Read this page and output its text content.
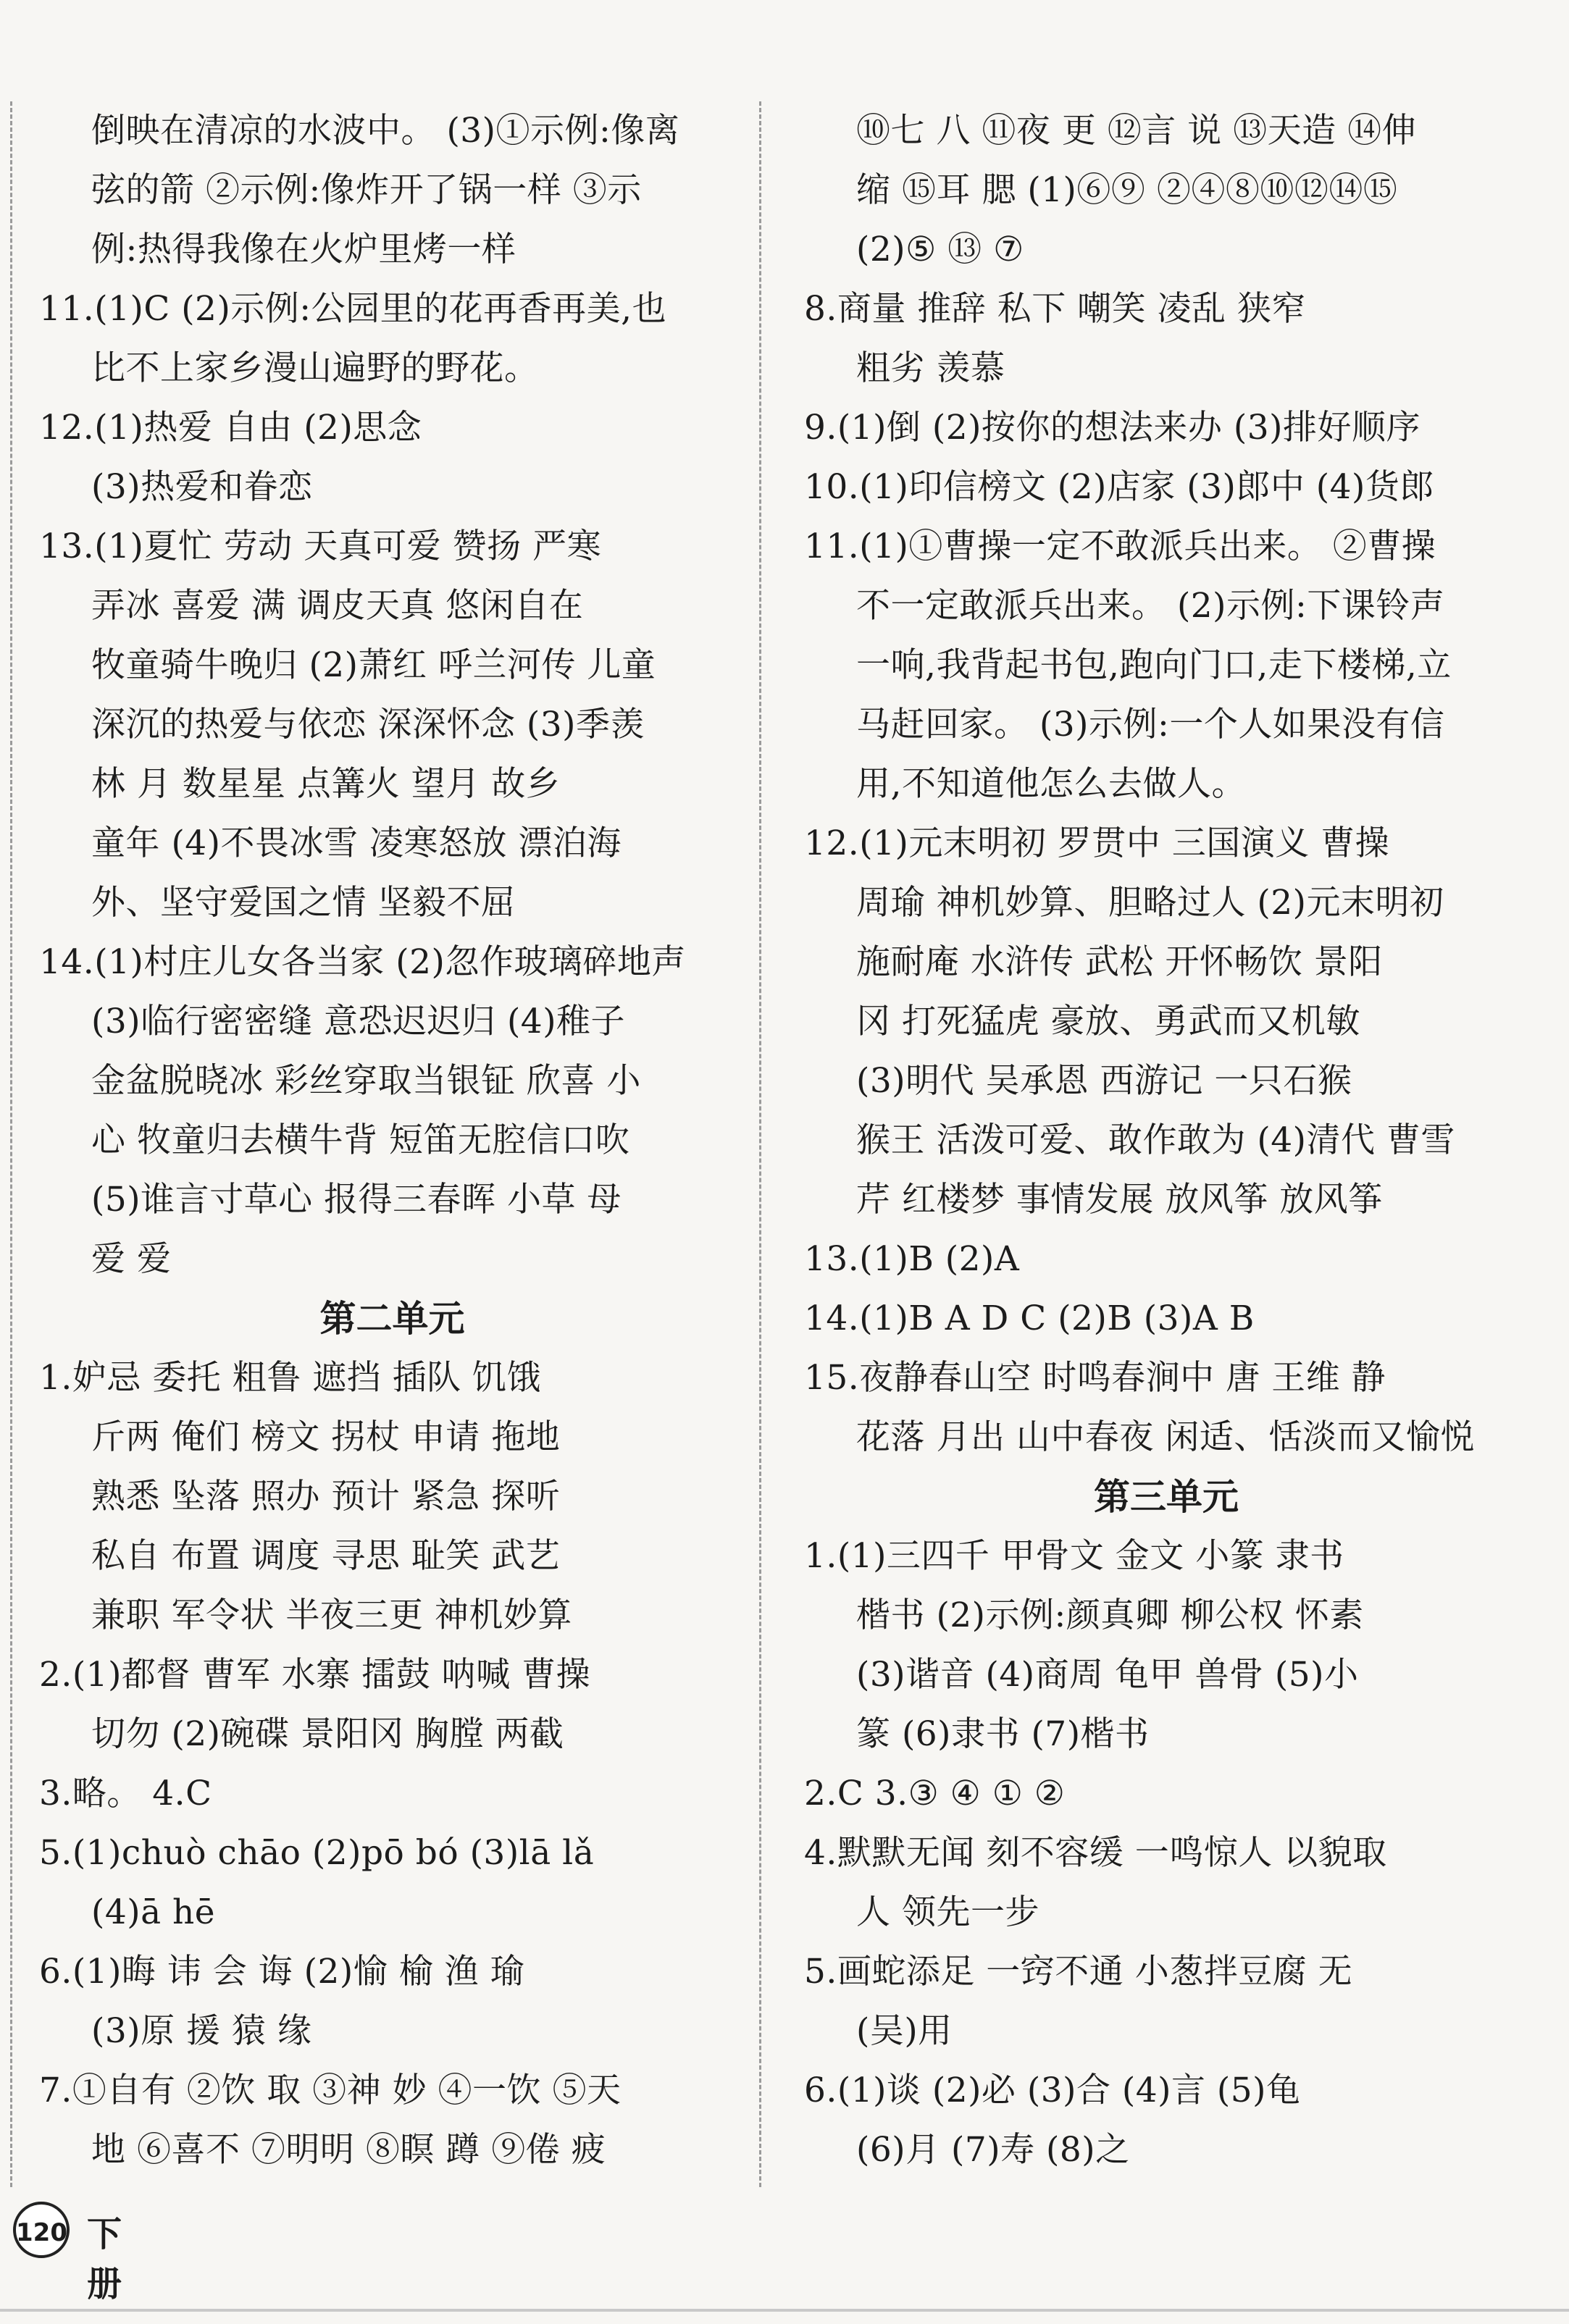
倒映在清凉的水波中。 (3)①示例:像离
弦的箭 ②示例:像炸开了锅一样 ③示
例:热得我像在火炉里烤一样
11.(1)C (2)示例:公园里的花再香再美,也
比不上家乡漫山遍野的野花。
12.(1)热爱 自由 (2)思念
(3)热爱和眷恋
13.(1)夏忙 劳动 天真可爱 赞扬 严寒
弄冰 喜爱 满 调皮天真 悠闲自在
牧童骑牛晚归 (2)萧红 呼兰河传 儿童
深沉的热爱与依恋 深深怀念 (3)季羡
林 月 数星星 点篝火 望月 故乡
童年 (4)不畏冰雪 凌寒怒放 漂泊海
外、坚守爱国之情 坚毅不屈
14.(1)村庄儿女各当家 (2)忽作玻璃碎地声
(3)临行密密缝 意恐迟迟归 (4)稚子
金盆脱晓冰 彩丝穿取当银钲 欣喜 小
心 牧童归去横牛背 短笛无腔信口吹
(5)谁言寸草心 报得三春晖 小草 母
爱 爱
第二单元
1.妒忌 委托 粗鲁 遮挡 插队 饥饿
斤两 俺们 榜文 拐杖 申请 拖地
熟悉 坠落 照办 预计 紧急 探听
私自 布置 调度 寻思 耻笑 武艺
兼职 军令状 半夜三更 神机妙算
2.(1)都督 曹军 水寨 擂鼓 呐喊 曹操
切勿 (2)碗碟 景阳冈 胸膛 两截
3.略。 4.C
5.(1)chuò chāo (2)pō bó (3)lā lǎ
(4)ā hē
6.(1)晦 讳 会 诲 (2)愉 榆 渔 瑜
(3)原 援 猿 缘
7.①自有 ②饮 取 ③神 妙 ④一饮 ⑤天
地 ⑥喜不 ⑦明明 ⑧瞑 蹲 ⑨倦 疲
⑩七 八 ⑪夜 更 ⑫言 说 ⑬天造 ⑭伸
缩 ⑮耳 腮 (1)⑥⑨ ②④⑧⑩⑫⑭⑮
(2)⑤ ⑬ ⑦
8.商量 推辞 私下 嘲笑 凌乱 狭窄
粗劣 羡慕
9.(1)倒 (2)按你的想法来办 (3)排好顺序
10.(1)印信榜文 (2)店家 (3)郎中 (4)货郎
11.(1)①曹操一定不敢派兵出来。 ②曹操
不一定敢派兵出来。 (2)示例:下课铃声
一响,我背起书包,跑向门口,走下楼梯,立
马赶回家。 (3)示例:一个人如果没有信
用,不知道他怎么去做人。
12.(1)元末明初 罗贯中 三国演义 曹操
周瑜 神机妙算、胆略过人 (2)元末明初
施耐庵 水浒传 武松 开怀畅饮 景阳
冈 打死猛虎 豪放、勇武而又机敏
(3)明代 吴承恩 西游记 一只石猴
猴王 活泼可爱、敢作敢为 (4)清代 曹雪
芹 红楼梦 事情发展 放风筝 放风筝
13.(1)B (2)A
14.(1)B A D C (2)B (3)A B
15.夜静春山空 时鸣春涧中 唐 王维 静
花落 月出 山中春夜 闲适、恬淡而又愉悦
第三单元
1.(1)三四千 甲骨文 金文 小篆 隶书
楷书 (2)示例:颜真卿 柳公权 怀素
(3)谐音 (4)商周 龟甲 兽骨 (5)小
篆 (6)隶书 (7)楷书
2.C 3.③ ④ ① ②
4.默默无闻 刻不容缓 一鸣惊人 以貌取
人 领先一步
5.画蛇添足 一窍不通 小葱拌豆腐 无
(吴)用
6.(1)谈 (2)必 (3)合 (4)言 (5)龟
(6)月 (7)寿 (8)之
120 下册
